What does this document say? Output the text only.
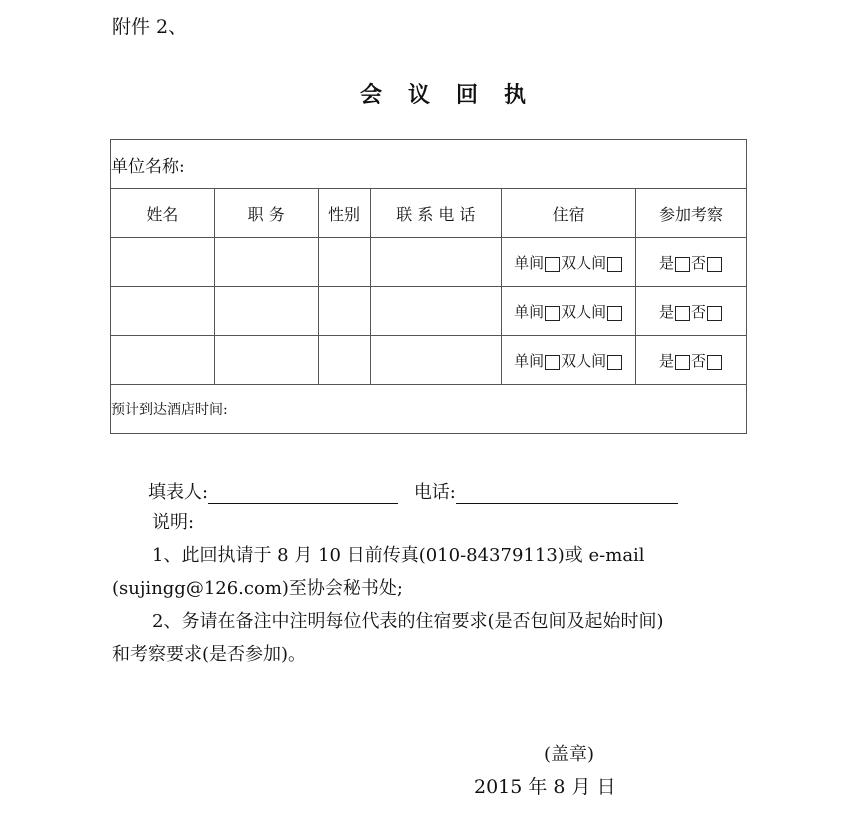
附件 2、
会 议 回 执
单位名称:					
姓名	职 务	性别	联 系 电 话	住宿	参加考察

				单间 双人间	是 否

				单间 双人间	是 否

				单间 双人间	是 否

预计到达酒店时间:					
填表人:	电话:
说明:
1、此回执请于 8 月 10 日前传真(010-84379113)或 e-mail
(sujingg@126.com)至协会秘书处;
2、务请在备注中注明每位代表的住宿要求(是否包间及起始时间)
和考察要求(是否参加)。
(盖章)
2015 年 8 月 日
